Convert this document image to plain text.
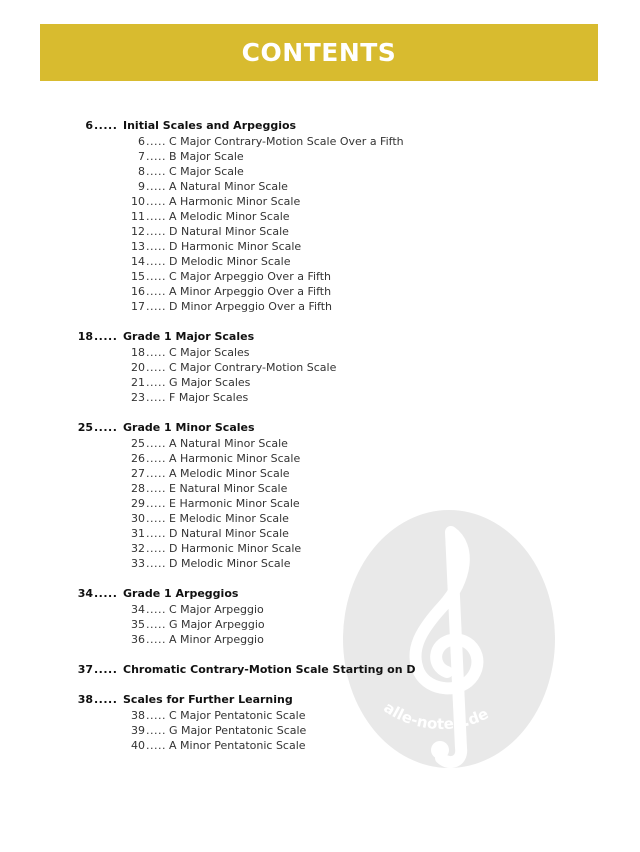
CONTENTS
alle-noten.de
6 ..... Initial Scales and Arpeggios
6 ..... C Major Contrary-Motion Scale Over a Fifth
7 ..... B Major Scale
8 ..... C Major Scale
9 ..... A Natural Minor Scale
10 ..... A Harmonic Minor Scale
11 ..... A Melodic Minor Scale
12 ..... D Natural Minor Scale
13 ..... D Harmonic Minor Scale
14 ..... D Melodic Minor Scale
15 ..... C Major Arpeggio Over a Fifth
16 ..... A Minor Arpeggio Over a Fifth
17 ..... D Minor Arpeggio Over a Fifth
18 ..... Grade 1 Major Scales
18 ..... C Major Scales
20 ..... C Major Contrary-Motion Scale
21 ..... G Major Scales
23 ..... F Major Scales
25 ..... Grade 1 Minor Scales
25 ..... A Natural Minor Scale
26 ..... A Harmonic Minor Scale
27 ..... A Melodic Minor Scale
28 ..... E Natural Minor Scale
29 ..... E Harmonic Minor Scale
30 ..... E Melodic Minor Scale
31 ..... D Natural Minor Scale
32 ..... D Harmonic Minor Scale
33 ..... D Melodic Minor Scale
34 ..... Grade 1 Arpeggios
34 ..... C Major Arpeggio
35 ..... G Major Arpeggio
36 ..... A Minor Arpeggio
37 ..... Chromatic Contrary-Motion Scale Starting on D
38 ..... Scales for Further Learning
38 ..... C Major Pentatonic Scale
39 ..... G Major Pentatonic Scale
40 ..... A Minor Pentatonic Scale
